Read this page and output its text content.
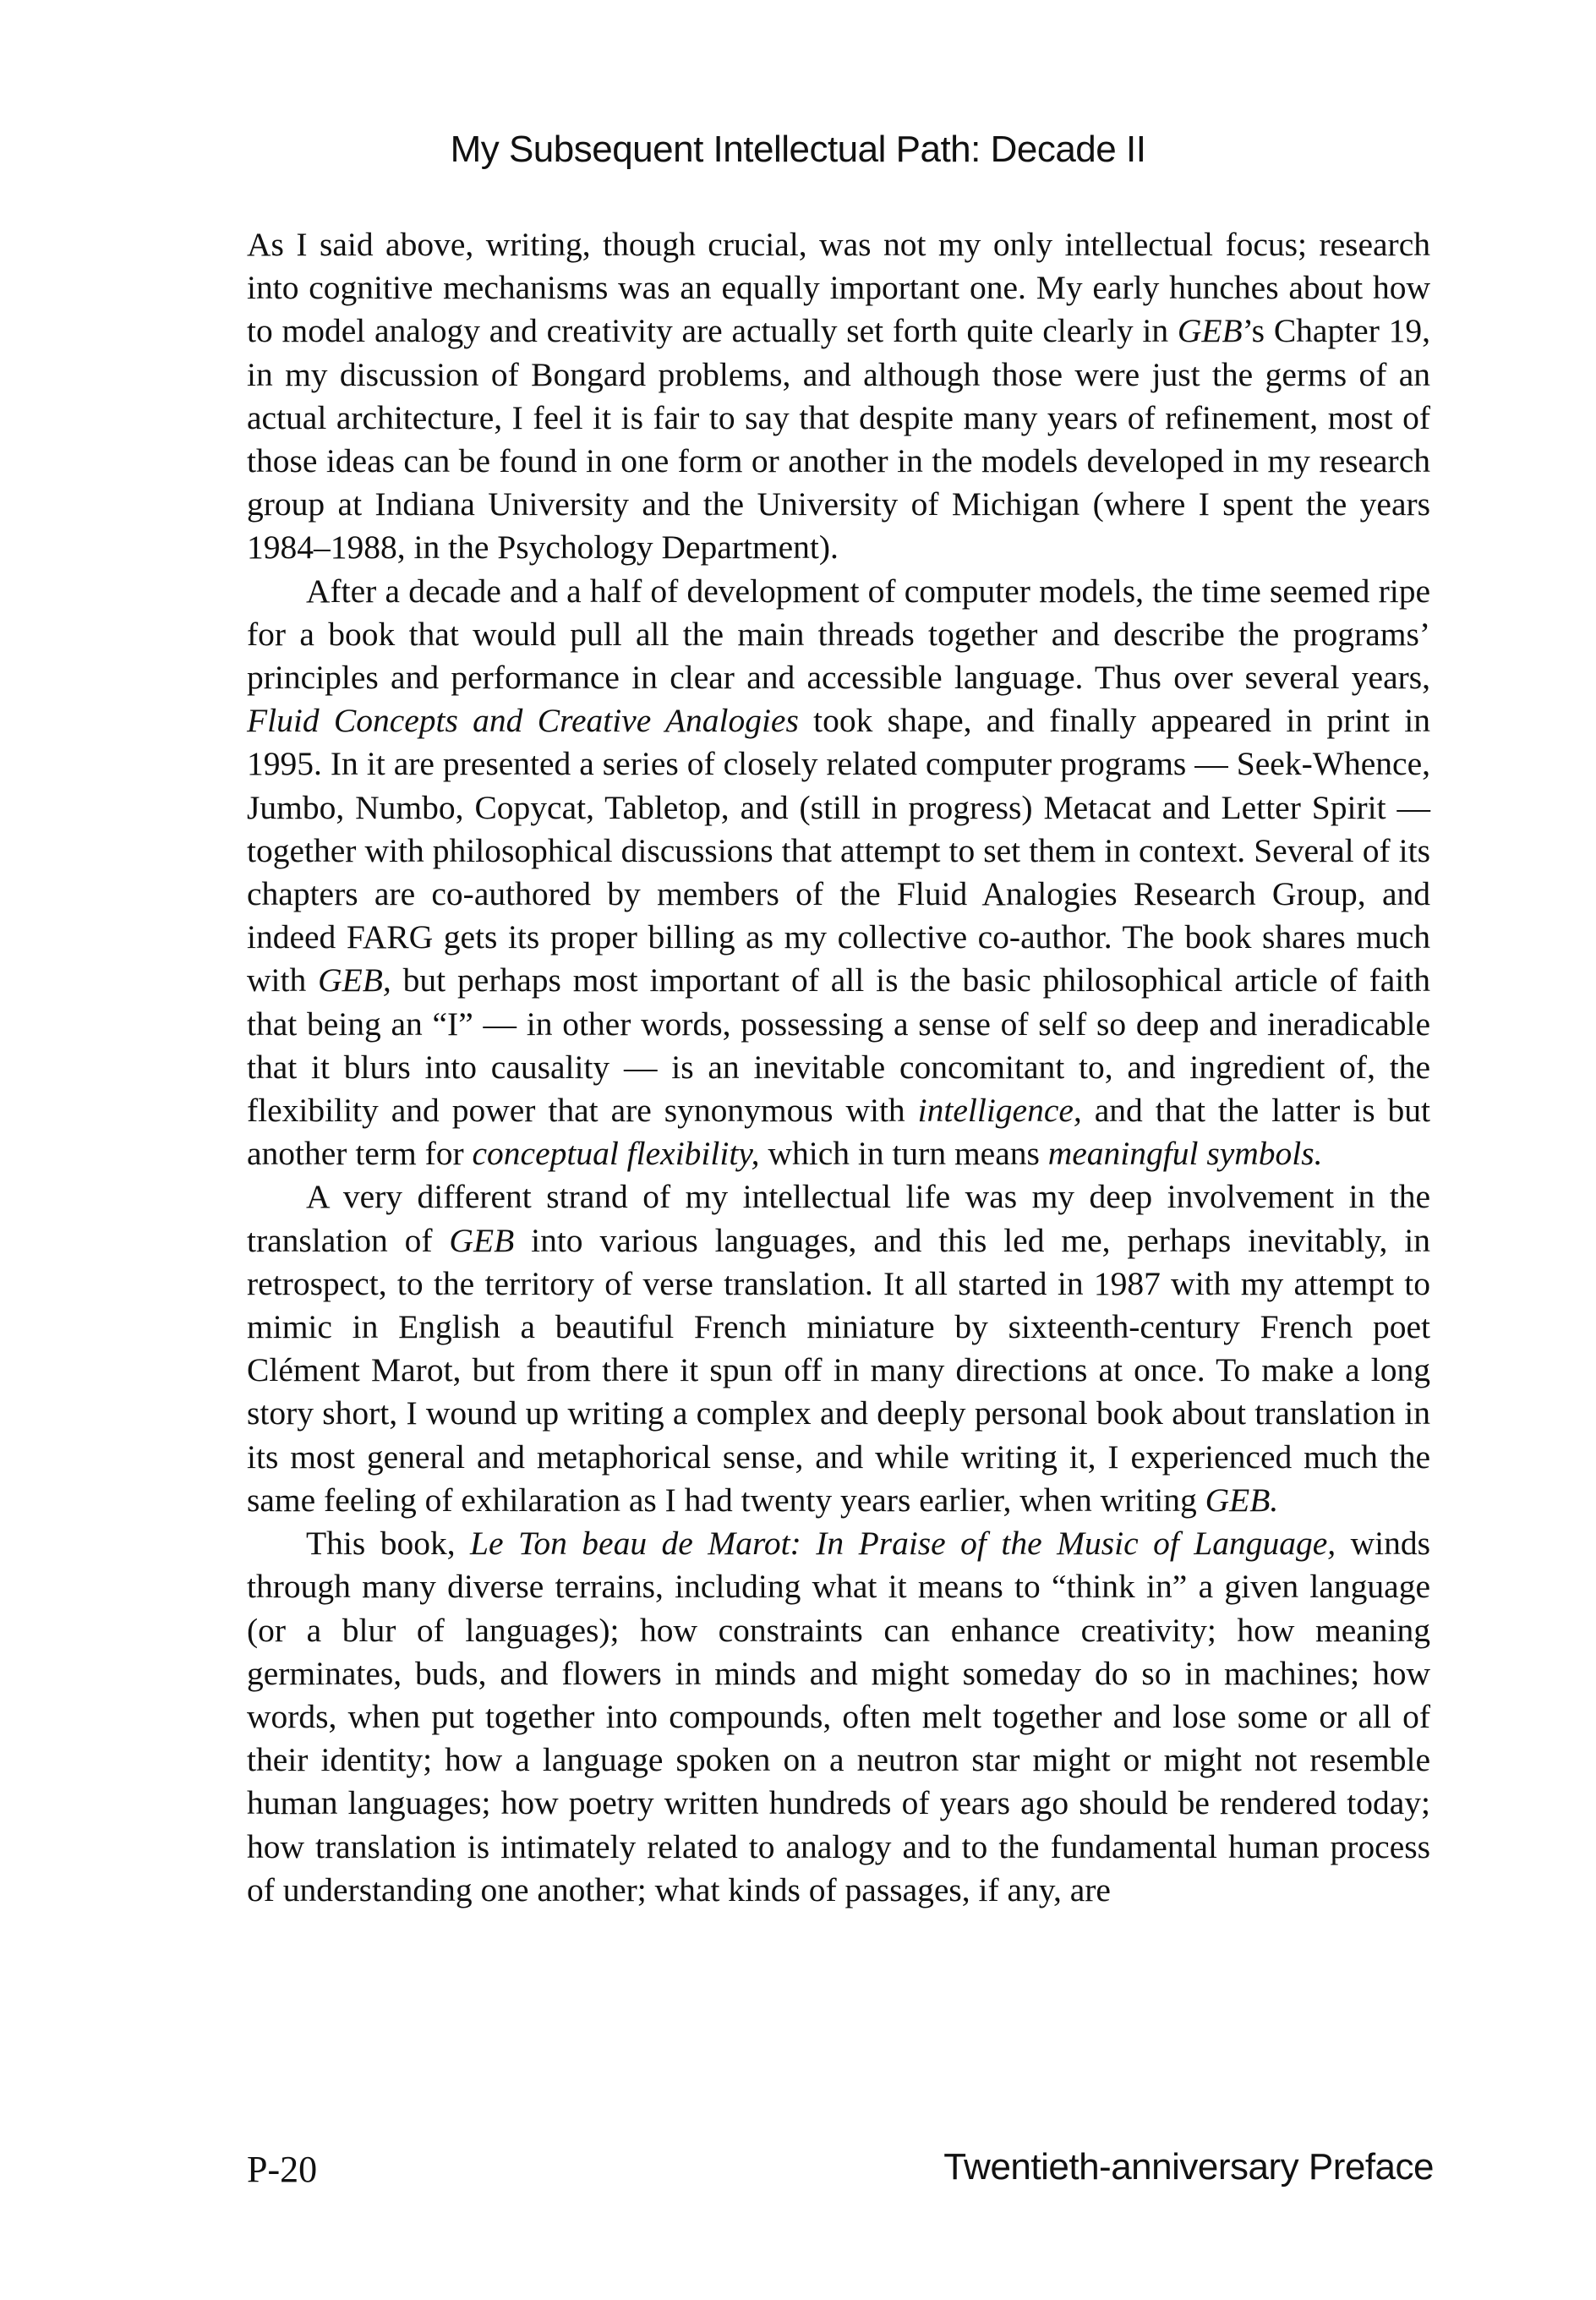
My Subsequent Intellectual Path: Decade II

As I said above, writing, though crucial, was not my only intellectual focus; research into cognitive mechanisms was an equally important one. My early hunches about how to model analogy and creativity are actually set forth quite clearly in GEB’s Chapter 19, in my discussion of Bongard problems, and although those were just the germs of an actual architecture, I feel it is fair to say that despite many years of refinement, most of those ideas can be found in one form or another in the models developed in my research group at Indiana University and the University of Michigan (where I spent the years 1984–1988, in the Psychology Department).

After a decade and a half of development of computer models, the time seemed ripe for a book that would pull all the main threads together and describe the programs’ principles and performance in clear and accessible language. Thus over several years, Fluid Concepts and Creative Analogies took shape, and finally appeared in print in 1995. In it are presented a series of closely related computer programs — Seek-Whence, Jumbo, Numbo, Copycat, Tabletop, and (still in progress) Metacat and Letter Spirit — together with philosophical discussions that attempt to set them in context. Several of its chapters are co-authored by members of the Fluid Analogies Research Group, and indeed FARG gets its proper billing as my collective co-author. The book shares much with GEB, but perhaps most important of all is the basic philosophical article of faith that being an “I” — in other words, possessing a sense of self so deep and ineradicable that it blurs into causality — is an inevitable concomitant to, and ingredient of, the flexibility and power that are synonymous with intelligence, and that the latter is but another term for conceptual flexibility, which in turn means meaningful symbols.

A very different strand of my intellectual life was my deep involvement in the translation of GEB into various languages, and this led me, perhaps inevitably, in retrospect, to the territory of verse translation. It all started in 1987 with my attempt to mimic in English a beautiful French miniature by sixteenth-century French poet Clément Marot, but from there it spun off in many directions at once. To make a long story short, I wound up writing a complex and deeply personal book about translation in its most general and metaphorical sense, and while writing it, I experienced much the same feeling of exhilaration as I had twenty years earlier, when writing GEB.

This book, Le Ton beau de Marot: In Praise of the Music of Language, winds through many diverse terrains, including what it means to “think in” a given language (or a blur of languages); how constraints can enhance creativity; how meaning germinates, buds, and flowers in minds and might someday do so in machines; how words, when put together into compounds, often melt together and lose some or all of their identity; how a language spoken on a neutron star might or might not resemble human languages; how poetry written hundreds of years ago should be rendered today; how translation is intimately related to analogy and to the fundamental human process of understanding one another; what kinds of passages, if any, are

P-20	Twentieth-anniversary Preface
